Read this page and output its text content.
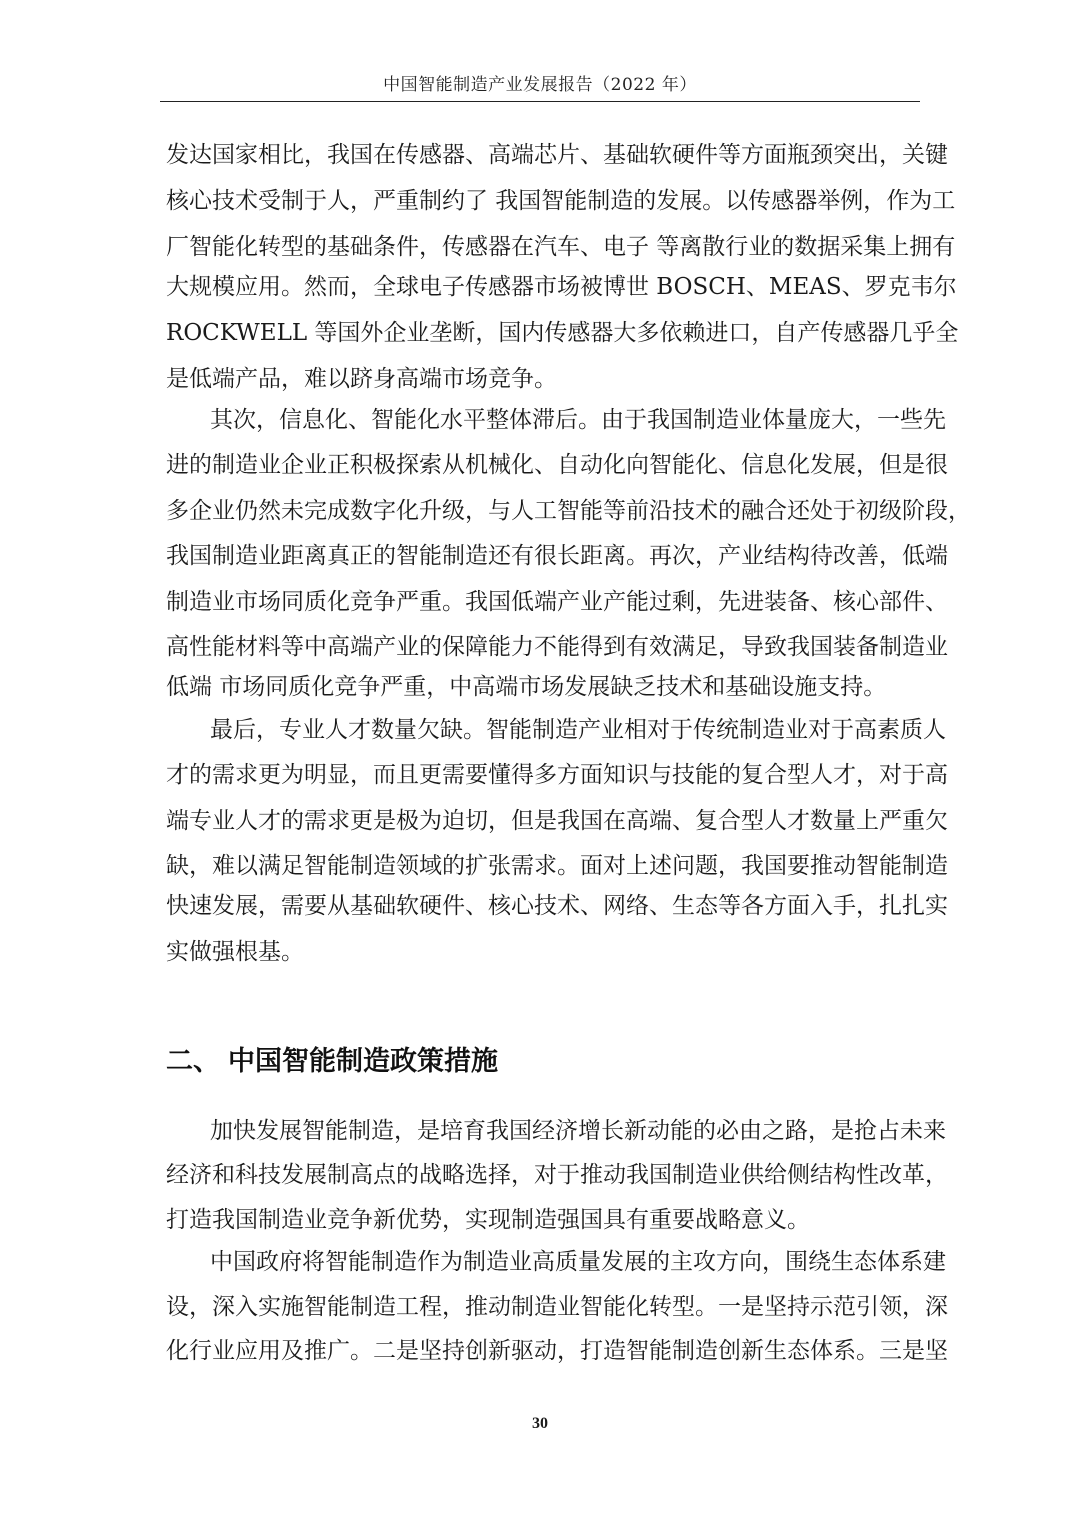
中国智能制造产业发展报告（2022 年）
发达国家相比，我国在传感器、高端芯片、基础软硬件等方面瓶颈突出，关键
核心技术受制于人，严重制约了 我国智能制造的发展。以传感器举例，作为工
厂智能化转型的基础条件，传感器在汽车、电子 等离散行业的数据采集上拥有
大规模应用。然而，全球电子传感器市场被博世 BOSCH、MEAS、罗克韦尔
ROCKWELL 等国外企业垄断，国内传感器大多依赖进口，自产传感器几乎全
是低端产品，难以跻身高端市场竞争。
其次，信息化、智能化水平整体滞后。由于我国制造业体量庞大，一些先
进的制造业企业正积极探索从机械化、自动化向智能化、信息化发展，但是很
多企业仍然未完成数字化升级，与人工智能等前沿技术的融合还处于初级阶段，
我国制造业距离真正的智能制造还有很长距离。再次，产业结构待改善，低端
制造业市场同质化竞争严重。我国低端产业产能过剩，先进装备、核心部件、
高性能材料等中高端产业的保障能力不能得到有效满足，导致我国装备制造业
低端 市场同质化竞争严重，中高端市场发展缺乏技术和基础设施支持。
最后，专业人才数量欠缺。智能制造产业相对于传统制造业对于高素质人
才的需求更为明显，而且更需要懂得多方面知识与技能的复合型人才，对于高
端专业人才的需求更是极为迫切，但是我国在高端、复合型人才数量上严重欠
缺，难以满足智能制造领域的扩张需求。面对上述问题，我国要推动智能制造
快速发展，需要从基础软硬件、核心技术、网络、生态等各方面入手，扎扎实
实做强根基。
二、 中国智能制造政策措施
加快发展智能制造，是培育我国经济增长新动能的必由之路，是抢占未来
经济和科技发展制高点的战略选择，对于推动我国制造业供给侧结构性改革，
打造我国制造业竞争新优势，实现制造强国具有重要战略意义。
中国政府将智能制造作为制造业高质量发展的主攻方向，围绕生态体系建
设，深入实施智能制造工程，推动制造业智能化转型。一是坚持示范引领，深
化行业应用及推广。二是坚持创新驱动，打造智能制造创新生态体系。三是坚
30
